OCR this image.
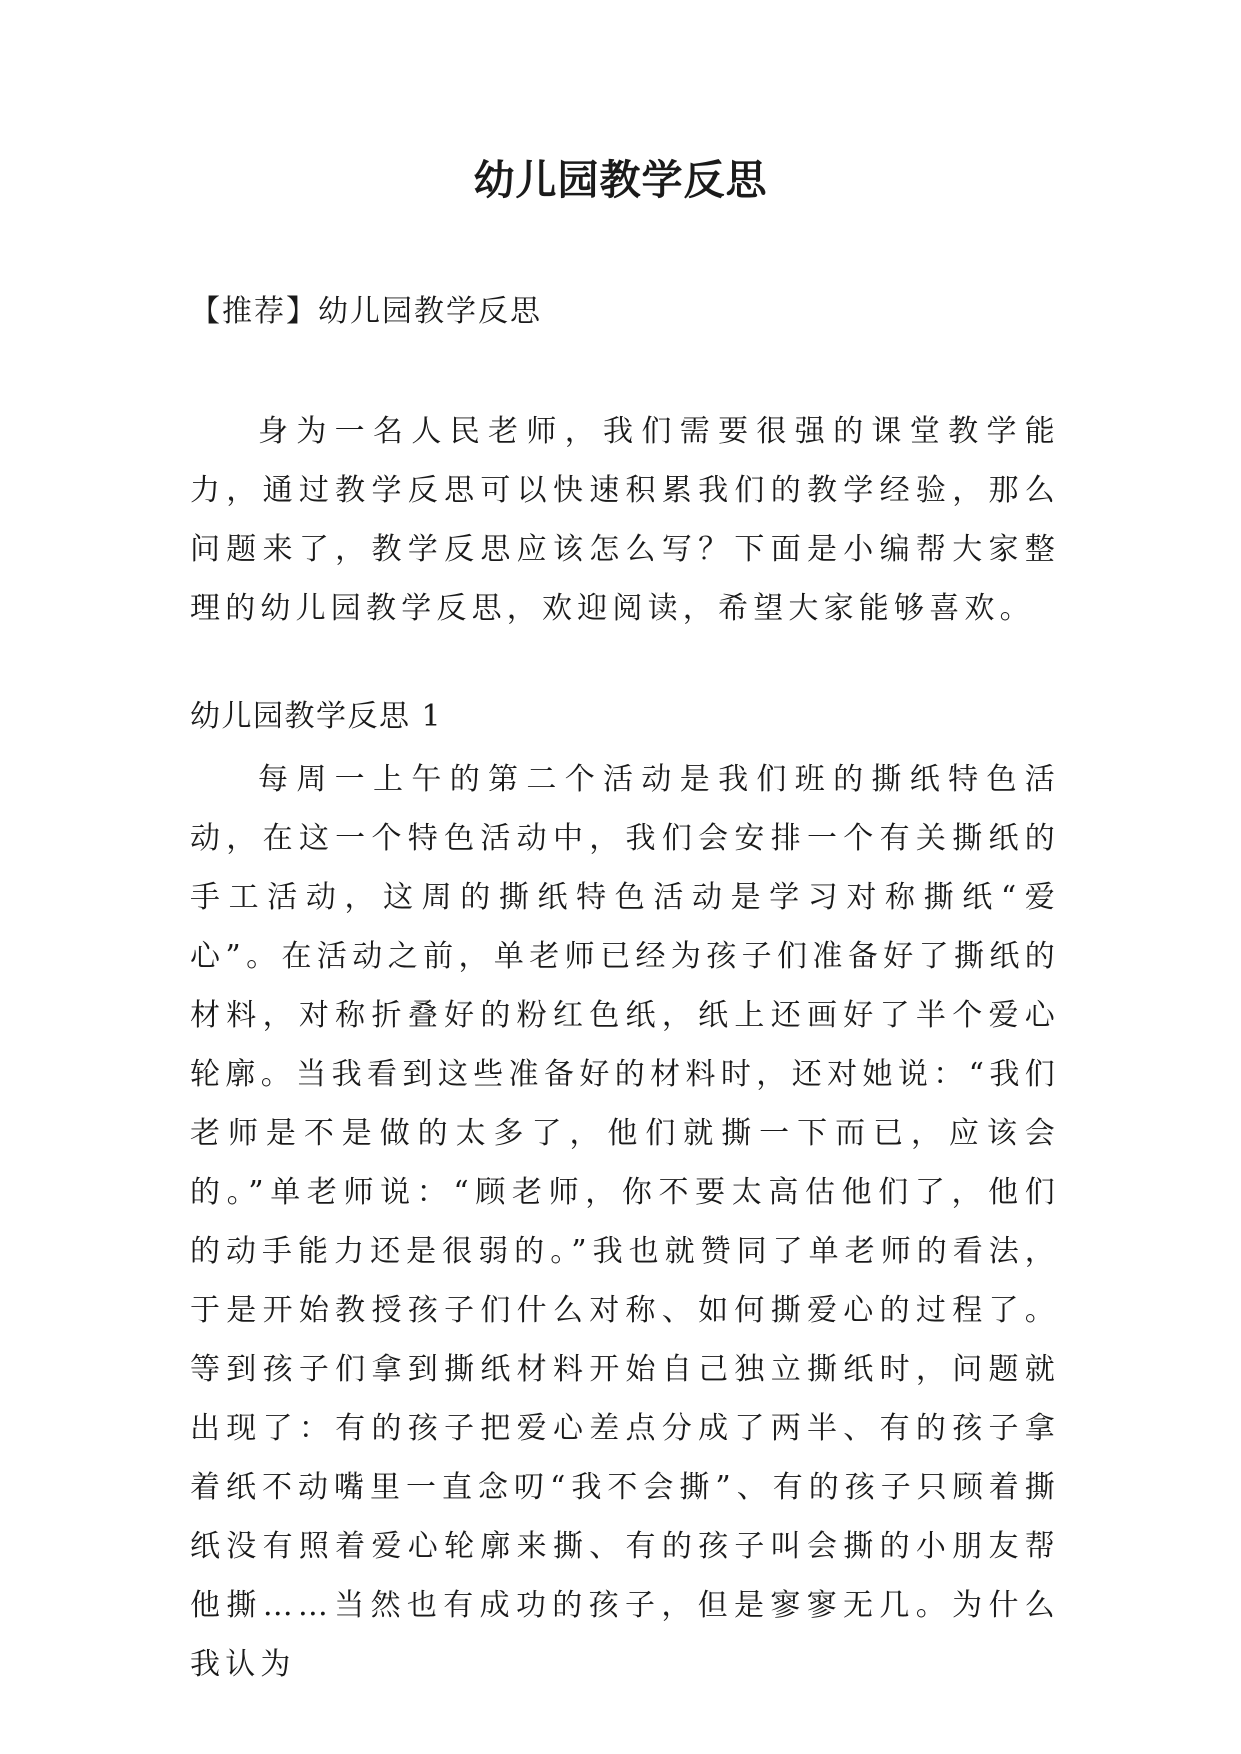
幼儿园教学反思
【推荐】幼儿园教学反思

身为一名人民老师，我们需要很强的课堂教学能力，通过教学反思可以快速积累我们的教学经验，那么问题来了，教学反思应该怎么写？下面是小编帮大家整理的幼儿园教学反思，欢迎阅读，希望大家能够喜欢。

幼儿园教学反思 1

每周一上午的第二个活动是我们班的撕纸特色活动，在这一个特色活动中，我们会安排一个有关撕纸的手工活动，这周的撕纸特色活动是学习对称撕纸“爱心”。在活动之前，单老师已经为孩子们准备好了撕纸的材料，对称折叠好的粉红色纸，纸上还画好了半个爱心轮廓。当我看到这些准备好的材料时，还对她说：“我们老师是不是做的太多了，他们就撕一下而已，应该会的。”单老师说：“顾老师，你不要太高估他们了，他们的动手能力还是很弱的。”我也就赞同了单老师的看法，于是开始教授孩子们什么对称、如何撕爱心的过程了。等到孩子们拿到撕纸材料开始自己独立撕纸时，问题就出现了：有的孩子把爱心差点分成了两半、有的孩子拿着纸不动嘴里一直念叨“我不会撕”、有的孩子只顾着撕纸没有照着爱心轮廓来撕、有的孩子叫会撕的小朋友帮他撕……当然也有成功的孩子，但是寥寥无几。为什么我认为
